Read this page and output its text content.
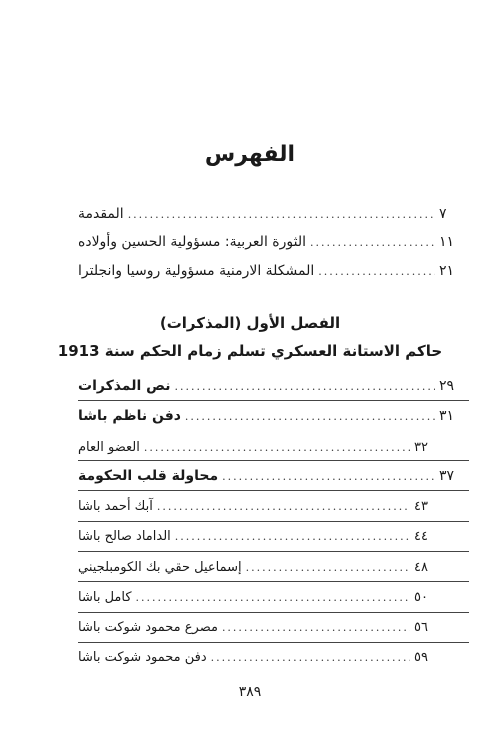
الفهرس
المقدمة .....	٧
الثورة العربية: مسؤولية الحسين وأولاده .....	١١
المشكلة الارمنية مسؤولية روسيا وانجلترا .....	٢١
الفصل الأول (المذكرات)
حاكم الاستانة العسكري تسلم زمام الحكم سنة 1913
نص المذكرات .....	٢٩
دفن ناظم باشا .....	٣١
العضو العام .....	٣٢
محاولة قلب الحكومة .....	٣٧
آبك أحمد باشا .....	٤٣
الداماد صالح باشا .....	٤٤
إسماعيل حقي بك الكومبلجيني .....	٤٨
كامل باشا .....	٥٠
مصرع محمود شوكت باشا .....	٥٦
دفن محمود شوكت باشا .....	٥٩
٣٨٩
